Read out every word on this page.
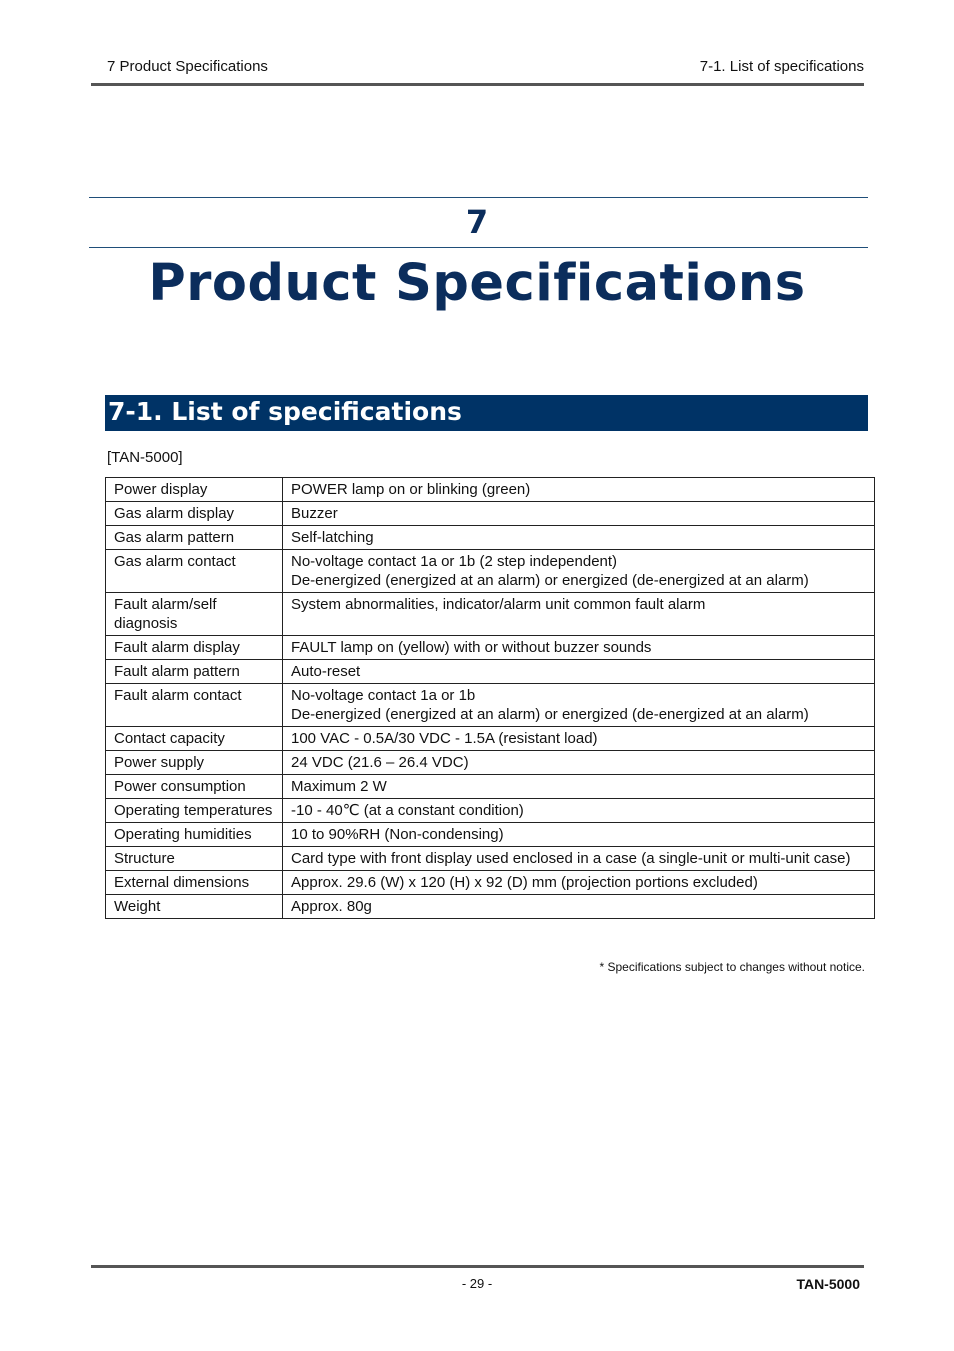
7 Product Specifications	7-1. List of specifications
7
Product Specifications
7-1. List of specifications
[TAN-5000]
Power display	POWER lamp on or blinking (green)
Gas alarm display	Buzzer
Gas alarm pattern	Self-latching
Gas alarm contact	No-voltage contact 1a or 1b (2 step independent)
De-energized (energized at an alarm) or energized (de-energized at an alarm)
Fault alarm/self diagnosis	System abnormalities, indicator/alarm unit common fault alarm
Fault alarm display	FAULT lamp on (yellow) with or without buzzer sounds
Fault alarm pattern	Auto-reset
Fault alarm contact	No-voltage contact 1a or 1b
De-energized (energized at an alarm) or energized (de-energized at an alarm)
Contact capacity	100 VAC - 0.5A/30 VDC - 1.5A (resistant load)
Power supply	24 VDC (21.6 – 26.4 VDC)
Power consumption	Maximum 2 W
Operating temperatures	-10 - 40℃ (at a constant condition)
Operating humidities	10 to 90%RH (Non-condensing)
Structure	Card type with front display used enclosed in a case (a single-unit or multi-unit case)
External dimensions	Approx. 29.6 (W) x 120 (H) x 92 (D) mm (projection portions excluded)
Weight	Approx. 80g
* Specifications subject to changes without notice.
- 29 -	TAN-5000
